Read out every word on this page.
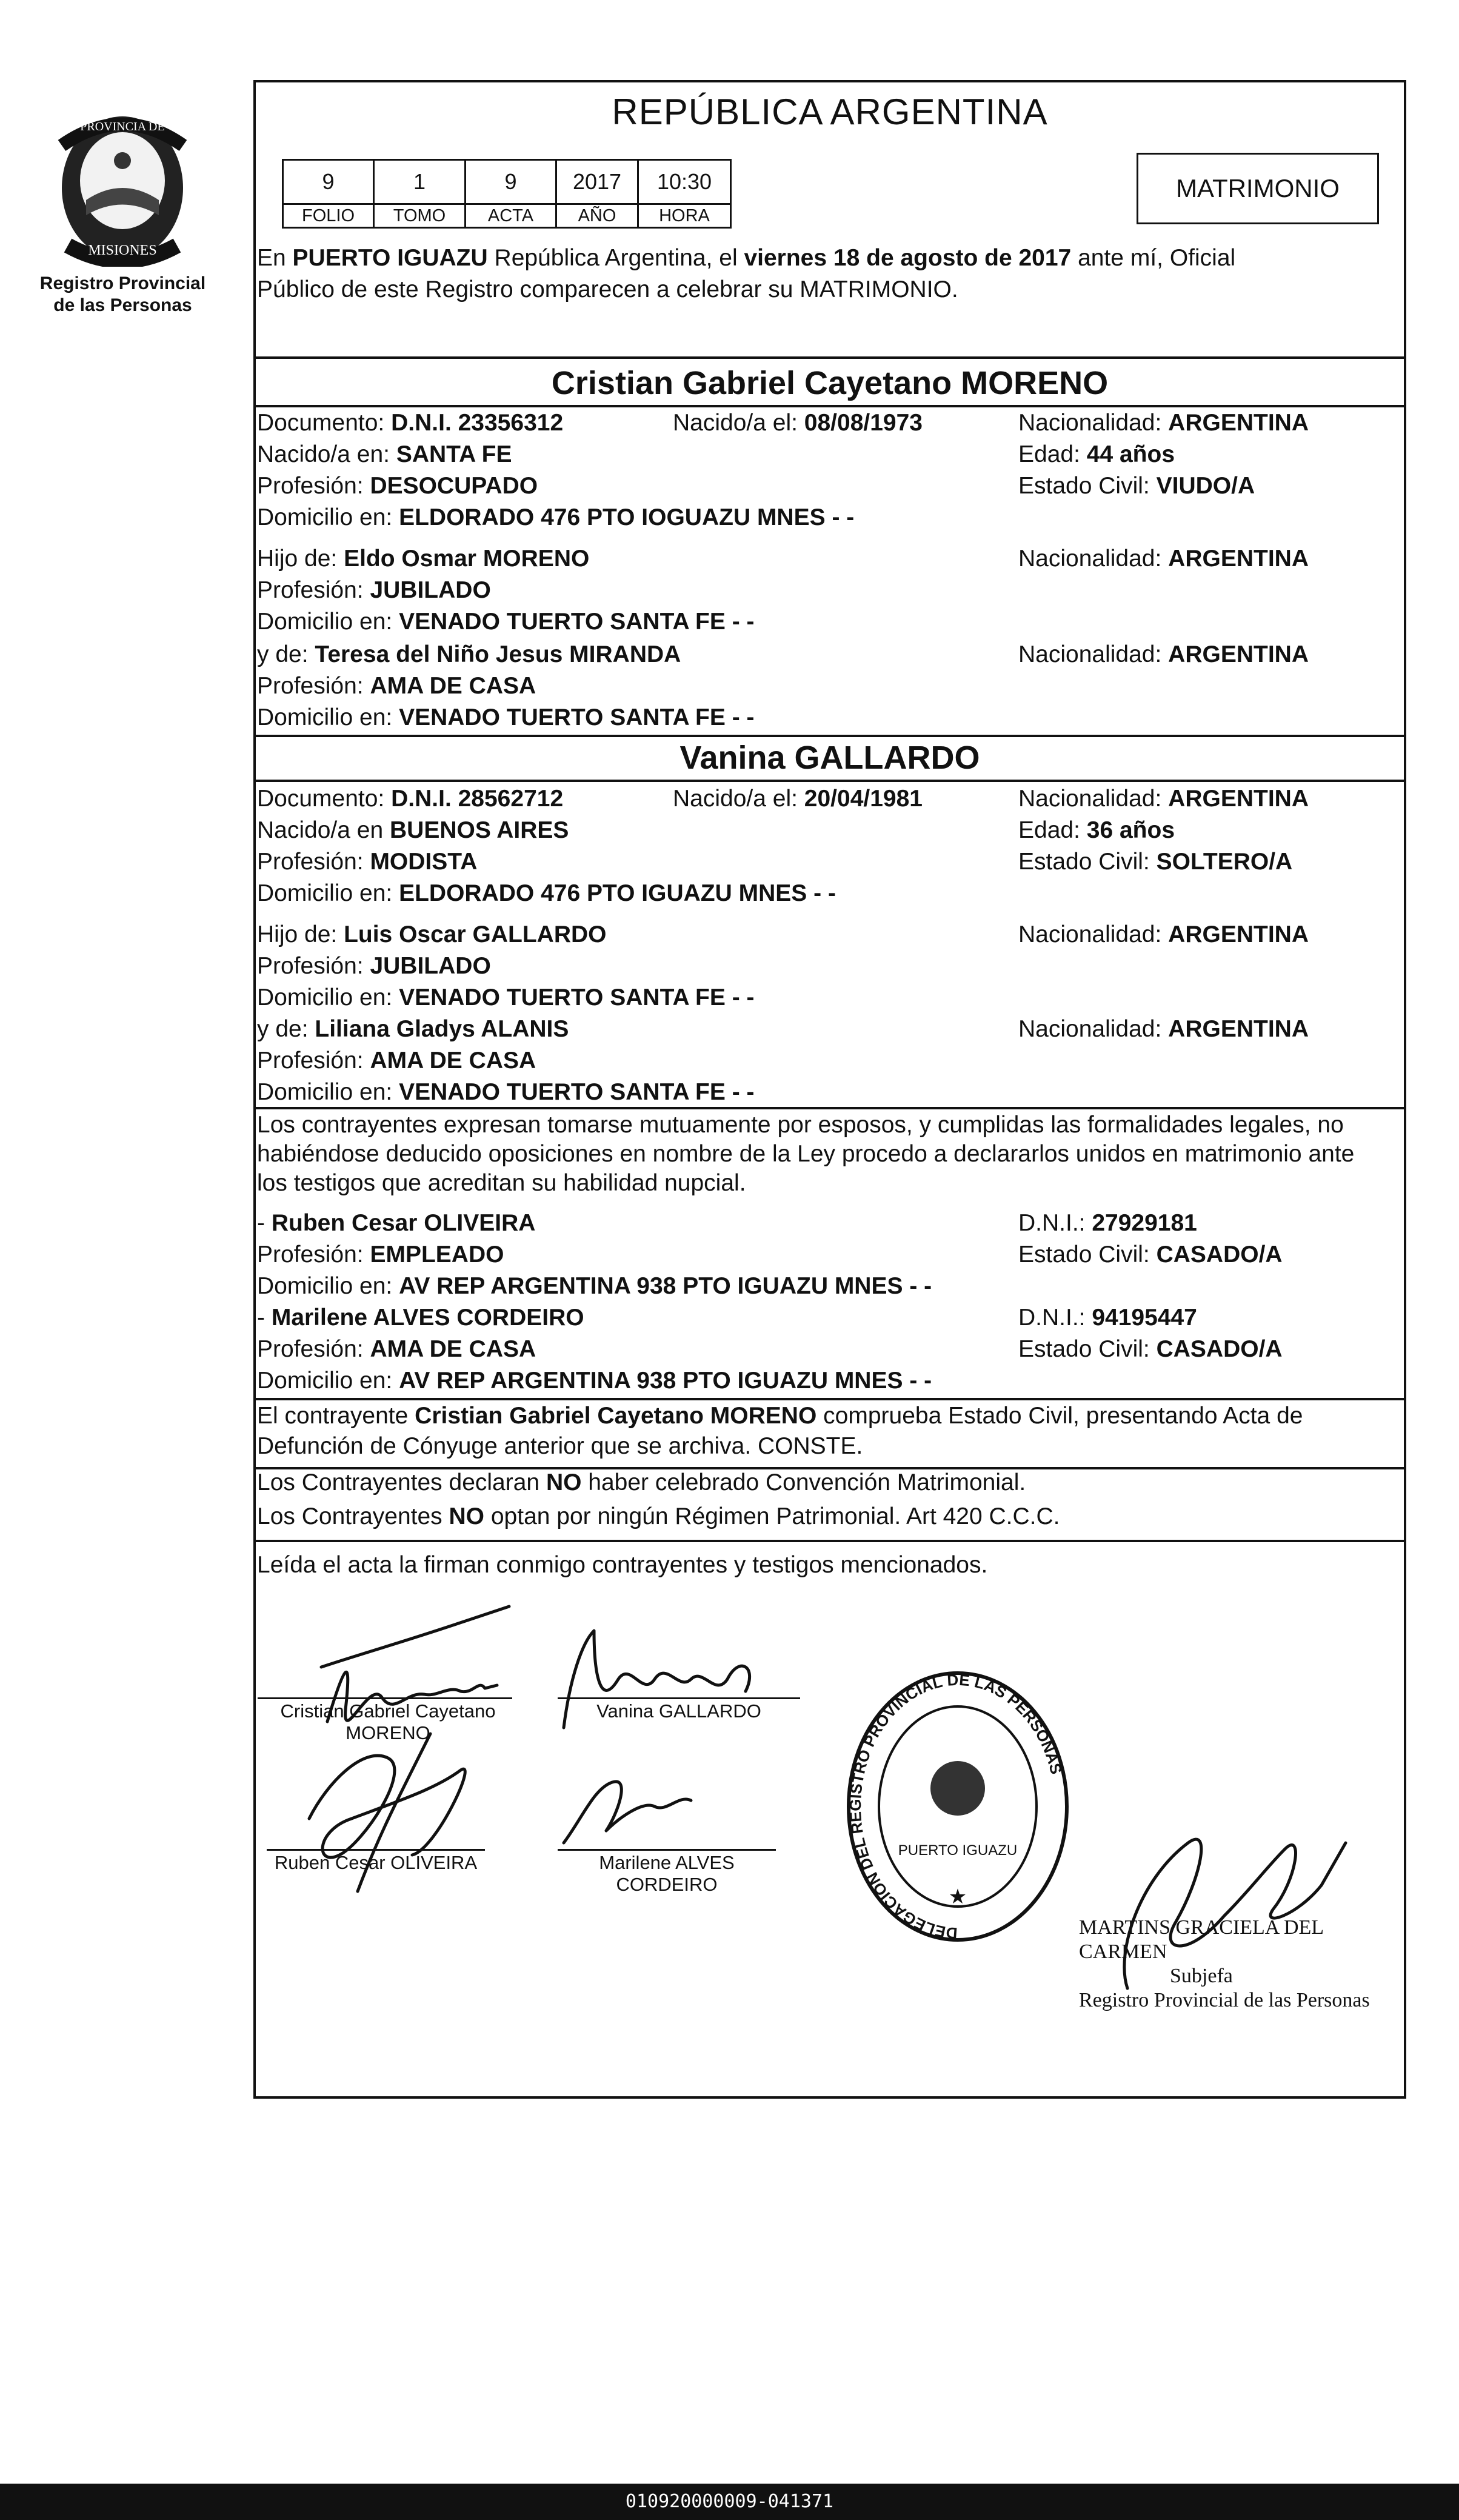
PROVINCIA DE
MISIONES
Registro Provincial
de las Personas
REPÚBLICA ARGENTINA
9	1	9	2017	10:30
FOLIO	TOMO	ACTA	AÑO	HORA
MATRIMONIO
En PUERTO IGUAZU República Argentina, el viernes 18 de agosto de 2017 ante mí, Oficial
Público de este Registro comparecen a celebrar su MATRIMONIO.
Cristian Gabriel Cayetano MORENO
Documento: D.N.I. 23356312	Nacido/a el: 08/08/1973	Nacionalidad: ARGENTINA
Nacido/a en: SANTA FE	Edad: 44 años
Profesión: DESOCUPADO	Estado Civil: VIUDO/A
Domicilio en: ELDORADO 476 PTO IOGUAZU MNES - -
Hijo de: Eldo Osmar MORENO	Nacionalidad: ARGENTINA
Profesión: JUBILADO
Domicilio en: VENADO TUERTO SANTA FE - -
y de: Teresa del Niño Jesus MIRANDA	Nacionalidad: ARGENTINA
Profesión: AMA DE CASA
Domicilio en: VENADO TUERTO SANTA FE - -
Vanina GALLARDO
Documento: D.N.I. 28562712	Nacido/a el: 20/04/1981	Nacionalidad: ARGENTINA
Nacido/a en BUENOS AIRES	Edad: 36 años
Profesión: MODISTA	Estado Civil: SOLTERO/A
Domicilio en: ELDORADO 476 PTO IGUAZU MNES - -
Hijo de: Luis Oscar GALLARDO	Nacionalidad: ARGENTINA
Profesión: JUBILADO
Domicilio en: VENADO TUERTO SANTA FE - -
y de: Liliana Gladys ALANIS	Nacionalidad: ARGENTINA
Profesión: AMA DE CASA
Domicilio en: VENADO TUERTO SANTA FE - -
Los contrayentes expresan tomarse mutuamente por esposos, y cumplidas las formalidades legales, no
habiéndose deducido oposiciones en nombre de la Ley procedo a declararlos unidos en matrimonio ante
los testigos que acreditan su habilidad nupcial.
- Ruben Cesar OLIVEIRA	D.N.I.: 27929181
Profesión: EMPLEADO	Estado Civil: CASADO/A
Domicilio en: AV REP ARGENTINA 938 PTO IGUAZU MNES - -
- Marilene ALVES CORDEIRO	D.N.I.: 94195447
Profesión: AMA DE CASA	Estado Civil: CASADO/A
Domicilio en: AV REP ARGENTINA 938 PTO IGUAZU MNES - -
El contrayente Cristian Gabriel Cayetano MORENO comprueba Estado Civil, presentando Acta de
Defunción de Cónyuge anterior que se archiva. CONSTE.
Los Contrayentes declaran NO haber celebrado Convención Matrimonial.
Los Contrayentes NO optan por ningún Régimen Patrimonial. Art 420 C.C.C.
Leída el acta la firman conmigo contrayentes y testigos mencionados.
Cristian Gabriel Cayetano
MORENO
Vanina GALLARDO
Ruben Cesar OLIVEIRA	Marilene ALVES
CORDEIRO
DELEGACION DEL REGISTRO PROVINCIAL DE LAS PERSONAS
PUERTO IGUAZU
★
MARTINS GRACIELA DEL CARMEN
Subjefa
Registro Provincial de las Personas
010920000009-041371
